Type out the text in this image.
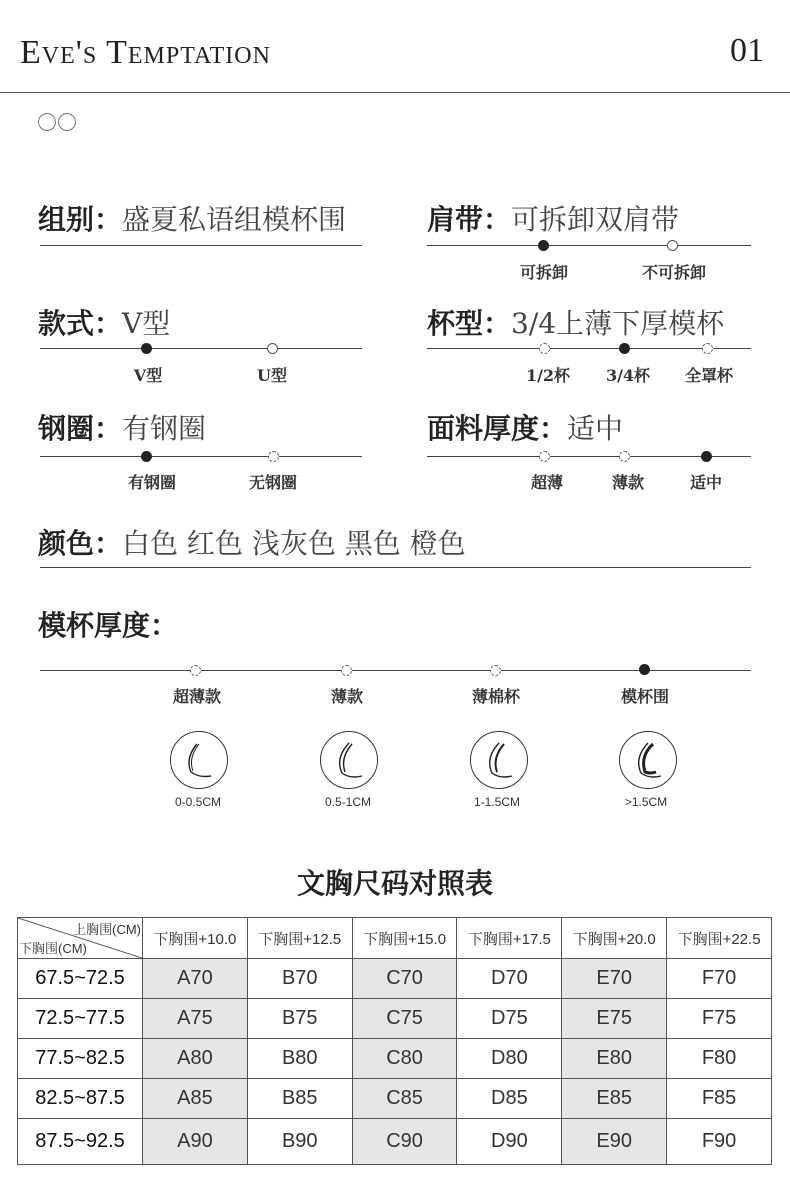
Eve's Temptation	01
组别：盛夏私语组模杯围	肩带：可拆卸双肩带
可拆卸	不可拆卸
款式：V型
V型	U型
杯型：3/4上薄下厚模杯
1/2杯 3/4杯 全罩杯
钢圈：有钢圈
有钢圈	无钢圈
面料厚度：适中
超薄	薄款	适中
颜色：白色 红色 浅灰色 黑色 橙色
模杯厚度：
超薄款	薄款	薄棉杯	模杯围
0-0.5CM	0.5-1CM	1-1.5CM	>1.5CM
文胸尺码对照表
上胸围(CM)
下胸围(CM)	下胸围+10.0	下胸围+12.5	下胸围+15.0	下胸围+17.5	下胸围+20.0	下胸围+22.5
67.5~72.5	A70	B70	C70	D70	E70	F70
72.5~77.5	A75	B75	C75	D75	E75	F75
77.5~82.5	A80	B80	C80	D80	E80	F80
82.5~87.5	A85	B85	C85	D85	E85	F85
87.5~92.5	A90	B90	C90	D90	E90	F90
